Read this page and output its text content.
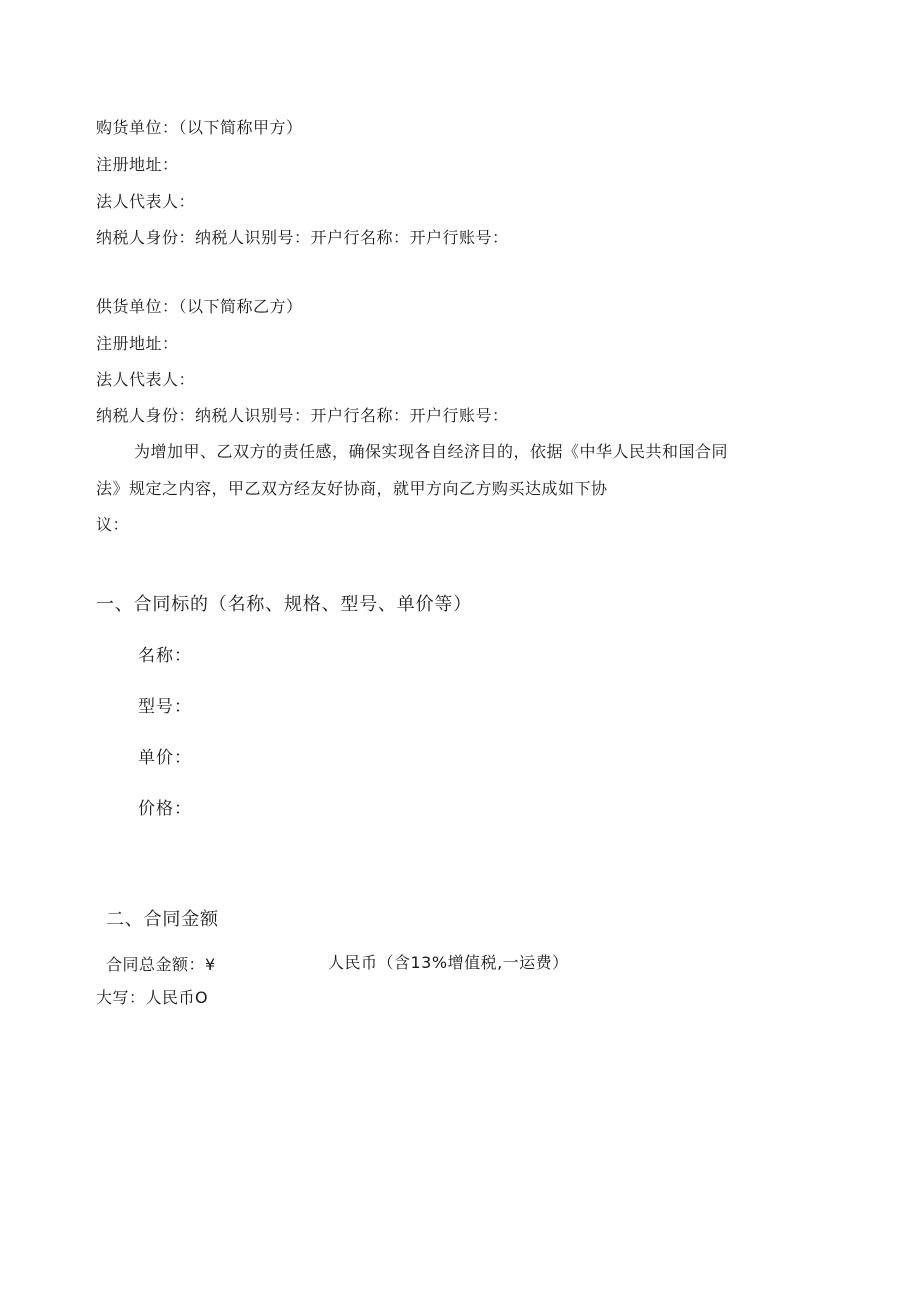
购货单位：（以下简称甲方）
注册地址：
法人代表人：
纳税人身份：纳税人识别号：开户行名称：开户行账号：
供货单位：（以下简称乙方）
注册地址：
法人代表人：
纳税人身份：纳税人识别号：开户行名称：开户行账号：
为增加甲、乙双方的责任感，确保实现各自经济目的，依据《中华人民共和国合同
法》规定之内容，甲乙双方经友好协商，就甲方向乙方购买达成如下协
议：
一、合同标的（名称、规格、型号、单价等）
名称：
型号：
单价：
价格：
二、合同金额
合同总金额：¥	人民币（含13%增值税,一运费）
大写：人民币O
